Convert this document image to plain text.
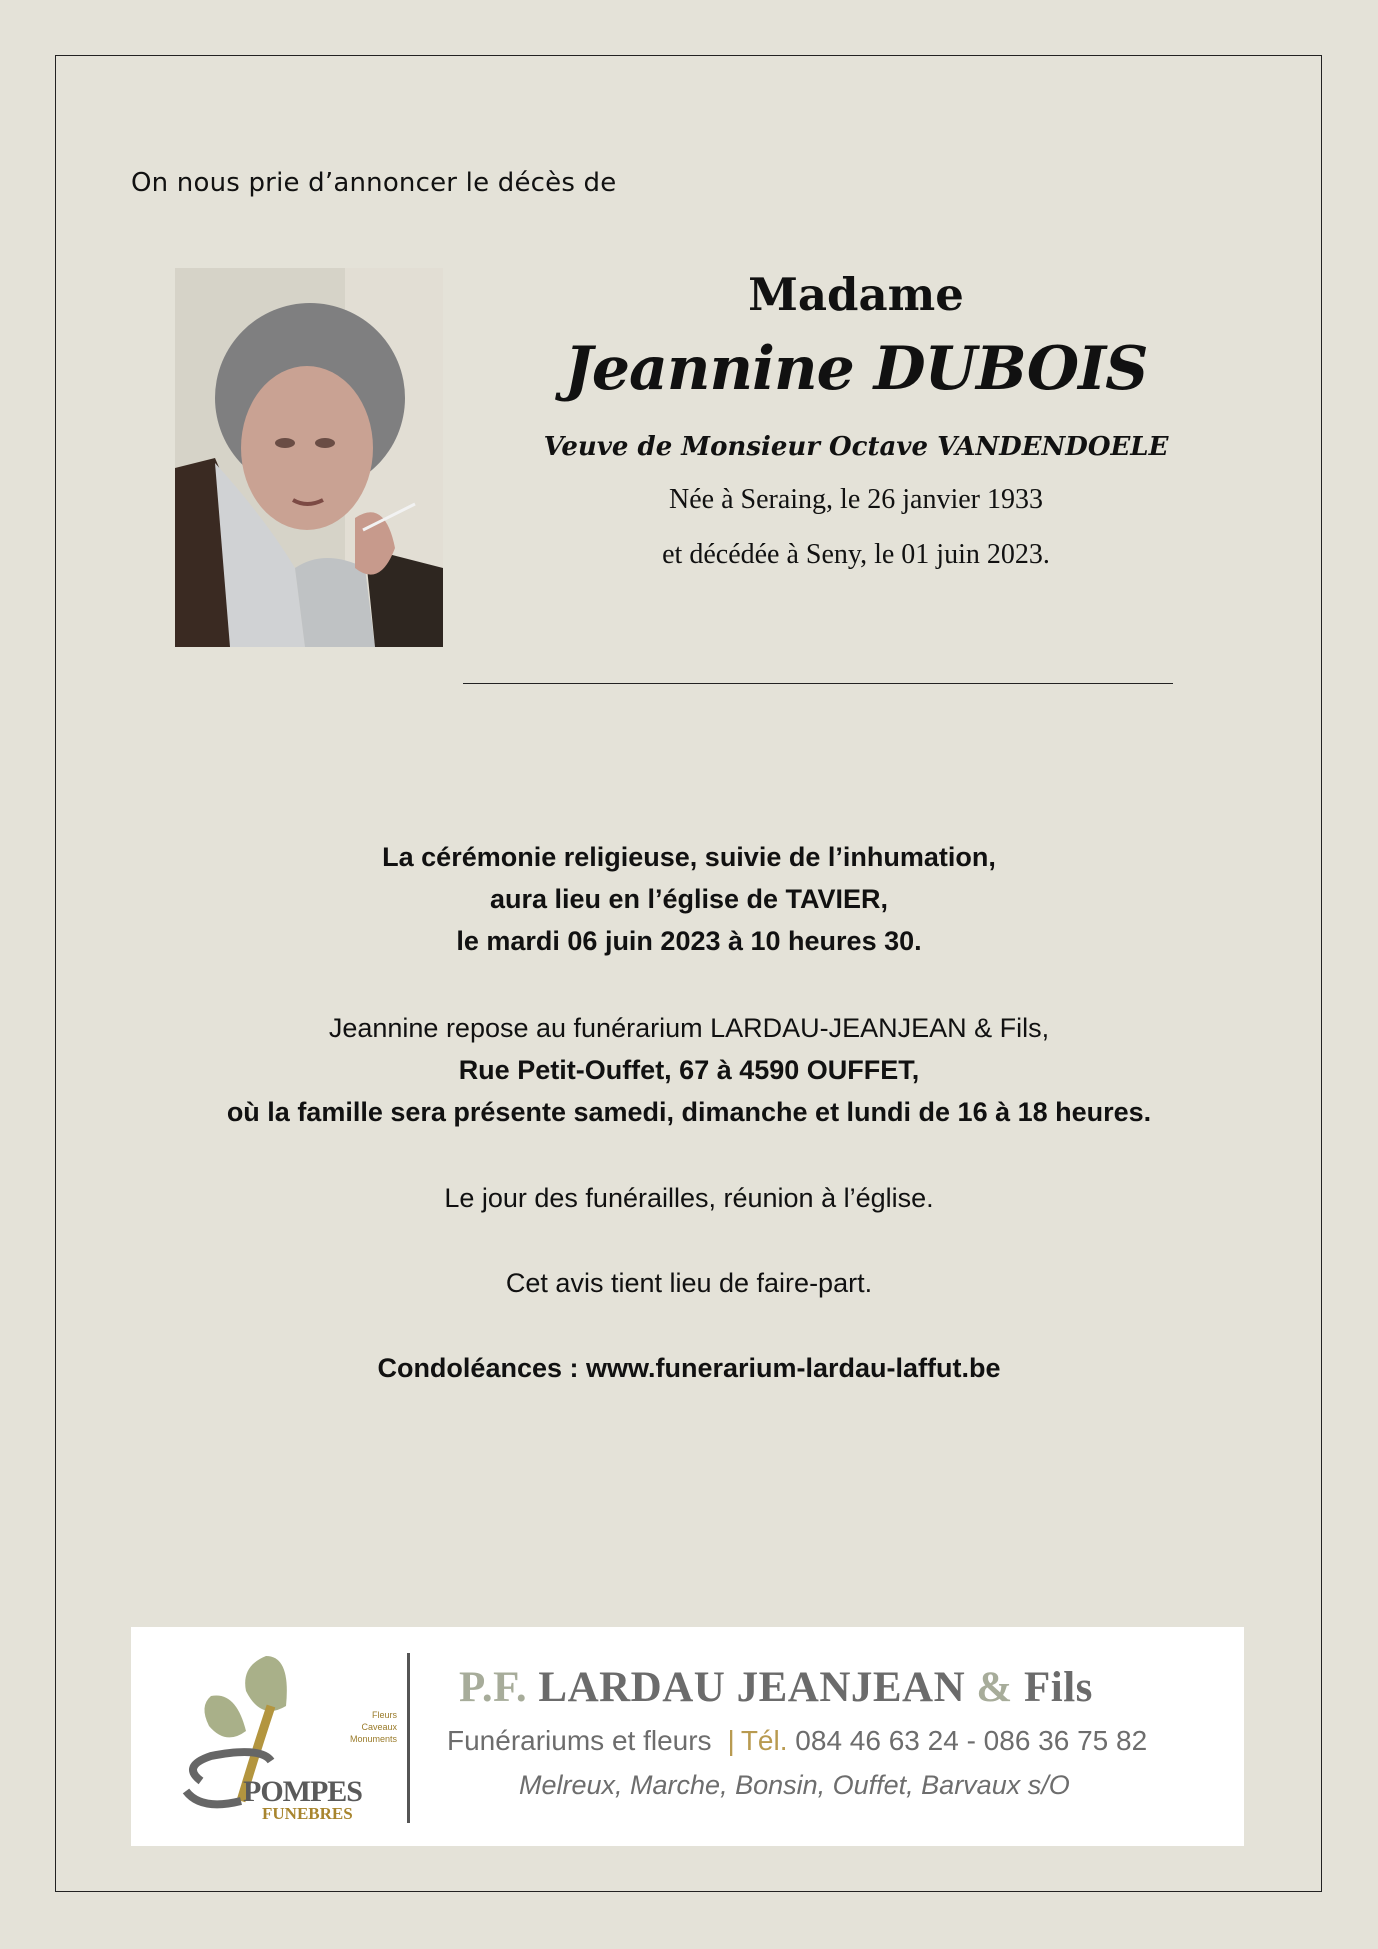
On nous prie d’annoncer le décès de
Madame
Jeannine DUBOIS
Veuve de Monsieur Octave VANDENDOELE
Née à Seraing, le 26 janvier 1933
et décédée à Seny, le 01 juin 2023.
La cérémonie religieuse, suivie de l’inhumation,
aura lieu en l’église de TAVIER,
le mardi 06 juin 2023 à 10 heures 30.
Jeannine repose au funérarium LARDAU-JEANJEAN & Fils,
Rue Petit-Ouffet, 67 à 4590 OUFFET,
où la famille sera présente samedi, dimanche et lundi de 16 à 18 heures.
Le jour des funérailles, réunion à l’église.
Cet avis tient lieu de faire-part.
Condoléances : www.funerarium-lardau-laffut.be
Fleurs
Caveaux
Monuments
POMPES
FUNEBRES
P.F. LARDAU JEANJEAN & Fils
Funérariums et fleurs | Tél. 084 46 63 24 - 086 36 75 82
Melreux, Marche, Bonsin, Ouffet, Barvaux s/O
